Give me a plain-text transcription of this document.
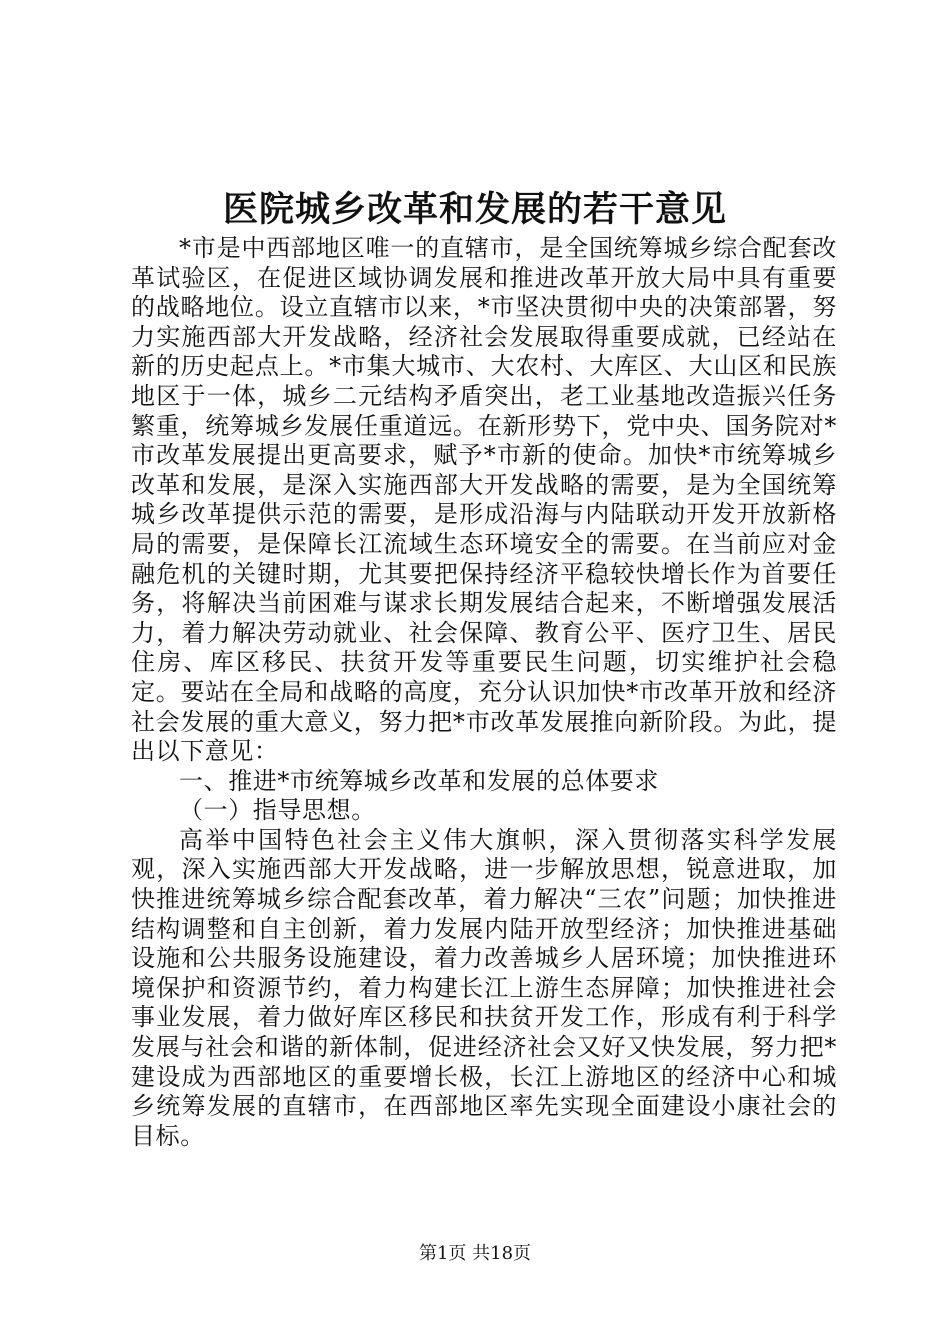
医院城乡改革和发展的若干意见

*市是中西部地区唯一的直辖市，是全国统筹城乡综合配套改革试验区，在促进区域协调发展和推进改革开放大局中具有重要的战略地位。设立直辖市以来，*市坚决贯彻中央的决策部署，努力实施西部大开发战略，经济社会发展取得重要成就，已经站在新的历史起点上。*市集大城市、大农村、大库区、大山区和民族地区于一体，城乡二元结构矛盾突出，老工业基地改造振兴任务繁重，统筹城乡发展任重道远。在新形势下，党中央、国务院对*市改革发展提出更高要求，赋予*市新的使命。加快*市统筹城乡改革和发展，是深入实施西部大开发战略的需要，是为全国统筹城乡改革提供示范的需要，是形成沿海与内陆联动开发开放新格局的需要，是保障长江流域生态环境安全的需要。在当前应对金融危机的关键时期，尤其要把保持经济平稳较快增长作为首要任务，将解决当前困难与谋求长期发展结合起来，不断增强发展活力，着力解决劳动就业、社会保障、教育公平、医疗卫生、居民住房、库区移民、扶贫开发等重要民生问题，切实维护社会稳定。要站在全局和战略的高度，充分认识加快*市改革开放和经济社会发展的重大意义，努力把*市改革发展推向新阶段。为此，提出以下意见：

一、推进*市统筹城乡改革和发展的总体要求

（一）指导思想。

高举中国特色社会主义伟大旗帜，深入贯彻落实科学发展观，深入实施西部大开发战略，进一步解放思想，锐意进取，加快推进统筹城乡综合配套改革，着力解决“三农”问题；加快推进结构调整和自主创新，着力发展内陆开放型经济；加快推进基础设施和公共服务设施建设，着力改善城乡人居环境；加快推进环境保护和资源节约，着力构建长江上游生态屏障；加快推进社会事业发展，着力做好库区移民和扶贫开发工作，形成有利于科学发展与社会和谐的新体制，促进经济社会又好又快发展，努力把*建设成为西部地区的重要增长极，长江上游地区的经济中心和城乡统筹发展的直辖市，在西部地区率先实现全面建设小康社会的目标。

第1页 共18页
